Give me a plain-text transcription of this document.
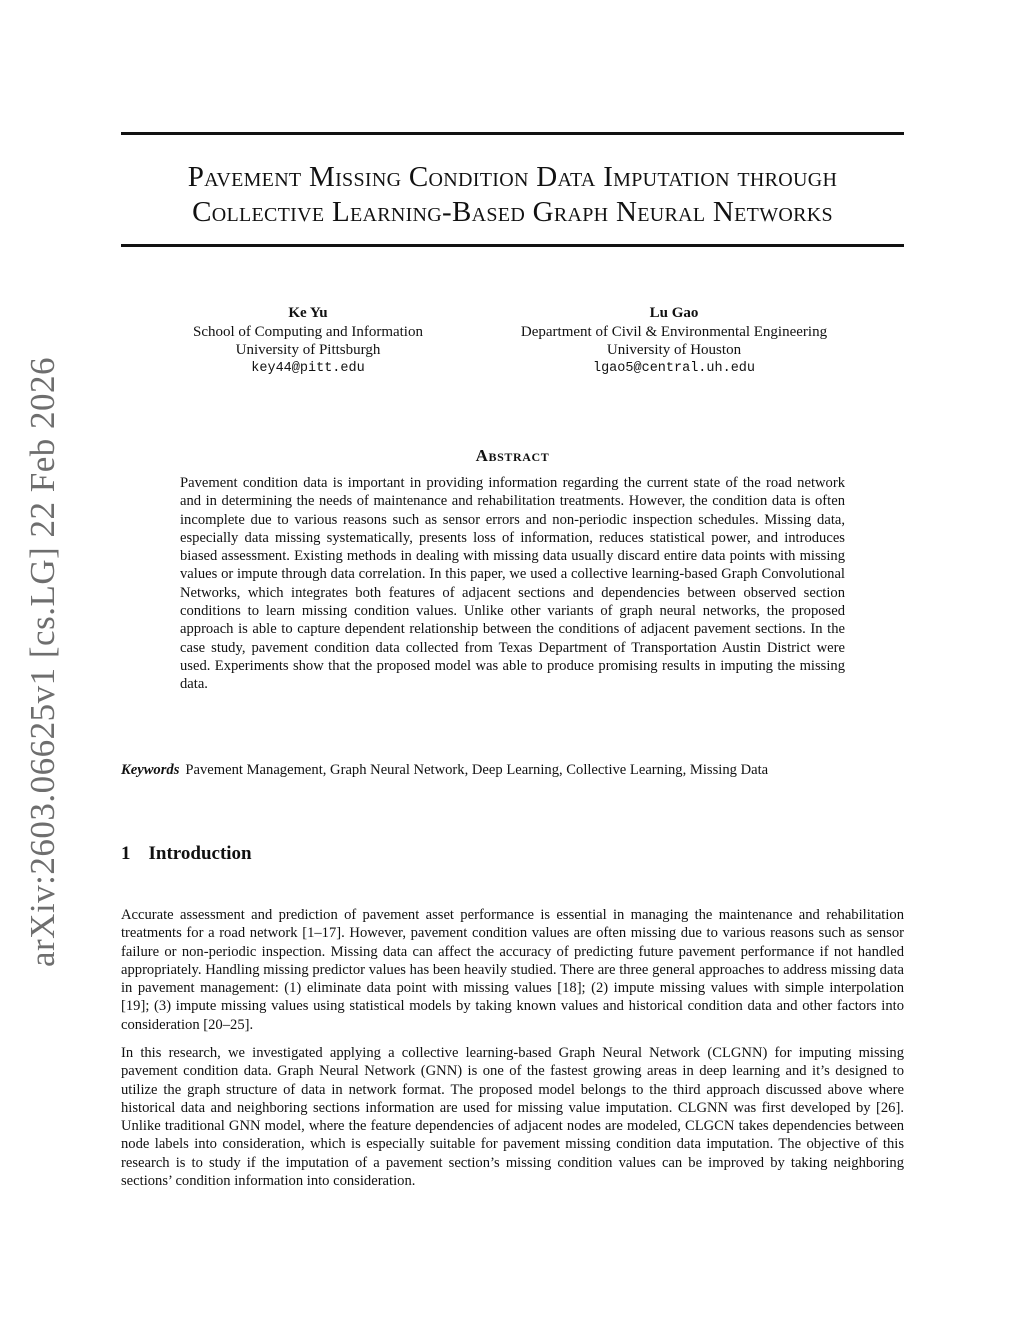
arXiv:2603.06625v1 [cs.LG] 22 Feb 2026
Pavement Missing Condition Data Imputation through
Collective Learning-Based Graph Neural Networks
Ke Yu
School of Computing and Information
University of Pittsburgh
key44@pitt.edu
Lu Gao
Department of Civil & Environmental Engineering
University of Houston
lgao5@central.uh.edu
Abstract

Pavement condition data is important in providing information regarding the current state of the road network and in determining the needs of maintenance and rehabilitation treatments. However, the condition data is often incomplete due to various reasons such as sensor errors and non-periodic inspection schedules. Missing data, especially data missing systematically, presents loss of information, reduces statistical power, and introduces biased assessment. Existing methods in dealing with missing data usually discard entire data points with missing values or impute through data correlation. In this paper, we used a collective learning-based Graph Convolutional Networks, which integrates both features of adjacent sections and dependencies between observed section conditions to learn missing condition values. Unlike other variants of graph neural networks, the proposed approach is able to capture dependent relationship between the conditions of adjacent pavement sections. In the case study, pavement condition data collected from Texas Department of Transportation Austin District were used. Experiments show that the proposed model was able to produce promising results in imputing the missing data.

Keywords Pavement Management, Graph Neural Network, Deep Learning, Collective Learning, Missing Data
1 Introduction

Accurate assessment and prediction of pavement asset performance is essential in managing the maintenance and rehabilitation treatments for a road network [1–17]. However, pavement condition values are often missing due to various reasons such as sensor failure or non-periodic inspection. Missing data can affect the accuracy of predicting future pavement performance if not handled appropriately. Handling missing predictor values has been heavily studied. There are three general approaches to address missing data in pavement management: (1) eliminate data point with missing values [18]; (2) impute missing values with simple interpolation [19]; (3) impute missing values using statistical models by taking known values and historical condition data and other factors into consideration [20–25].

In this research, we investigated applying a collective learning-based Graph Neural Network (CLGNN) for imputing missing pavement condition data. Graph Neural Network (GNN) is one of the fastest growing areas in deep learning and it’s designed to utilize the graph structure of data in network format. The proposed model belongs to the third approach discussed above where historical data and neighboring sections information are used for missing value imputation. CLGNN was first developed by [26]. Unlike traditional GNN model, where the feature dependencies of adjacent nodes are modeled, CLGCN takes dependencies between node labels into consideration, which is especially suitable for pavement missing condition data imputation. The objective of this research is to study if the imputation of a pavement section’s missing condition values can be improved by taking neighboring sections’ condition information into consideration.
